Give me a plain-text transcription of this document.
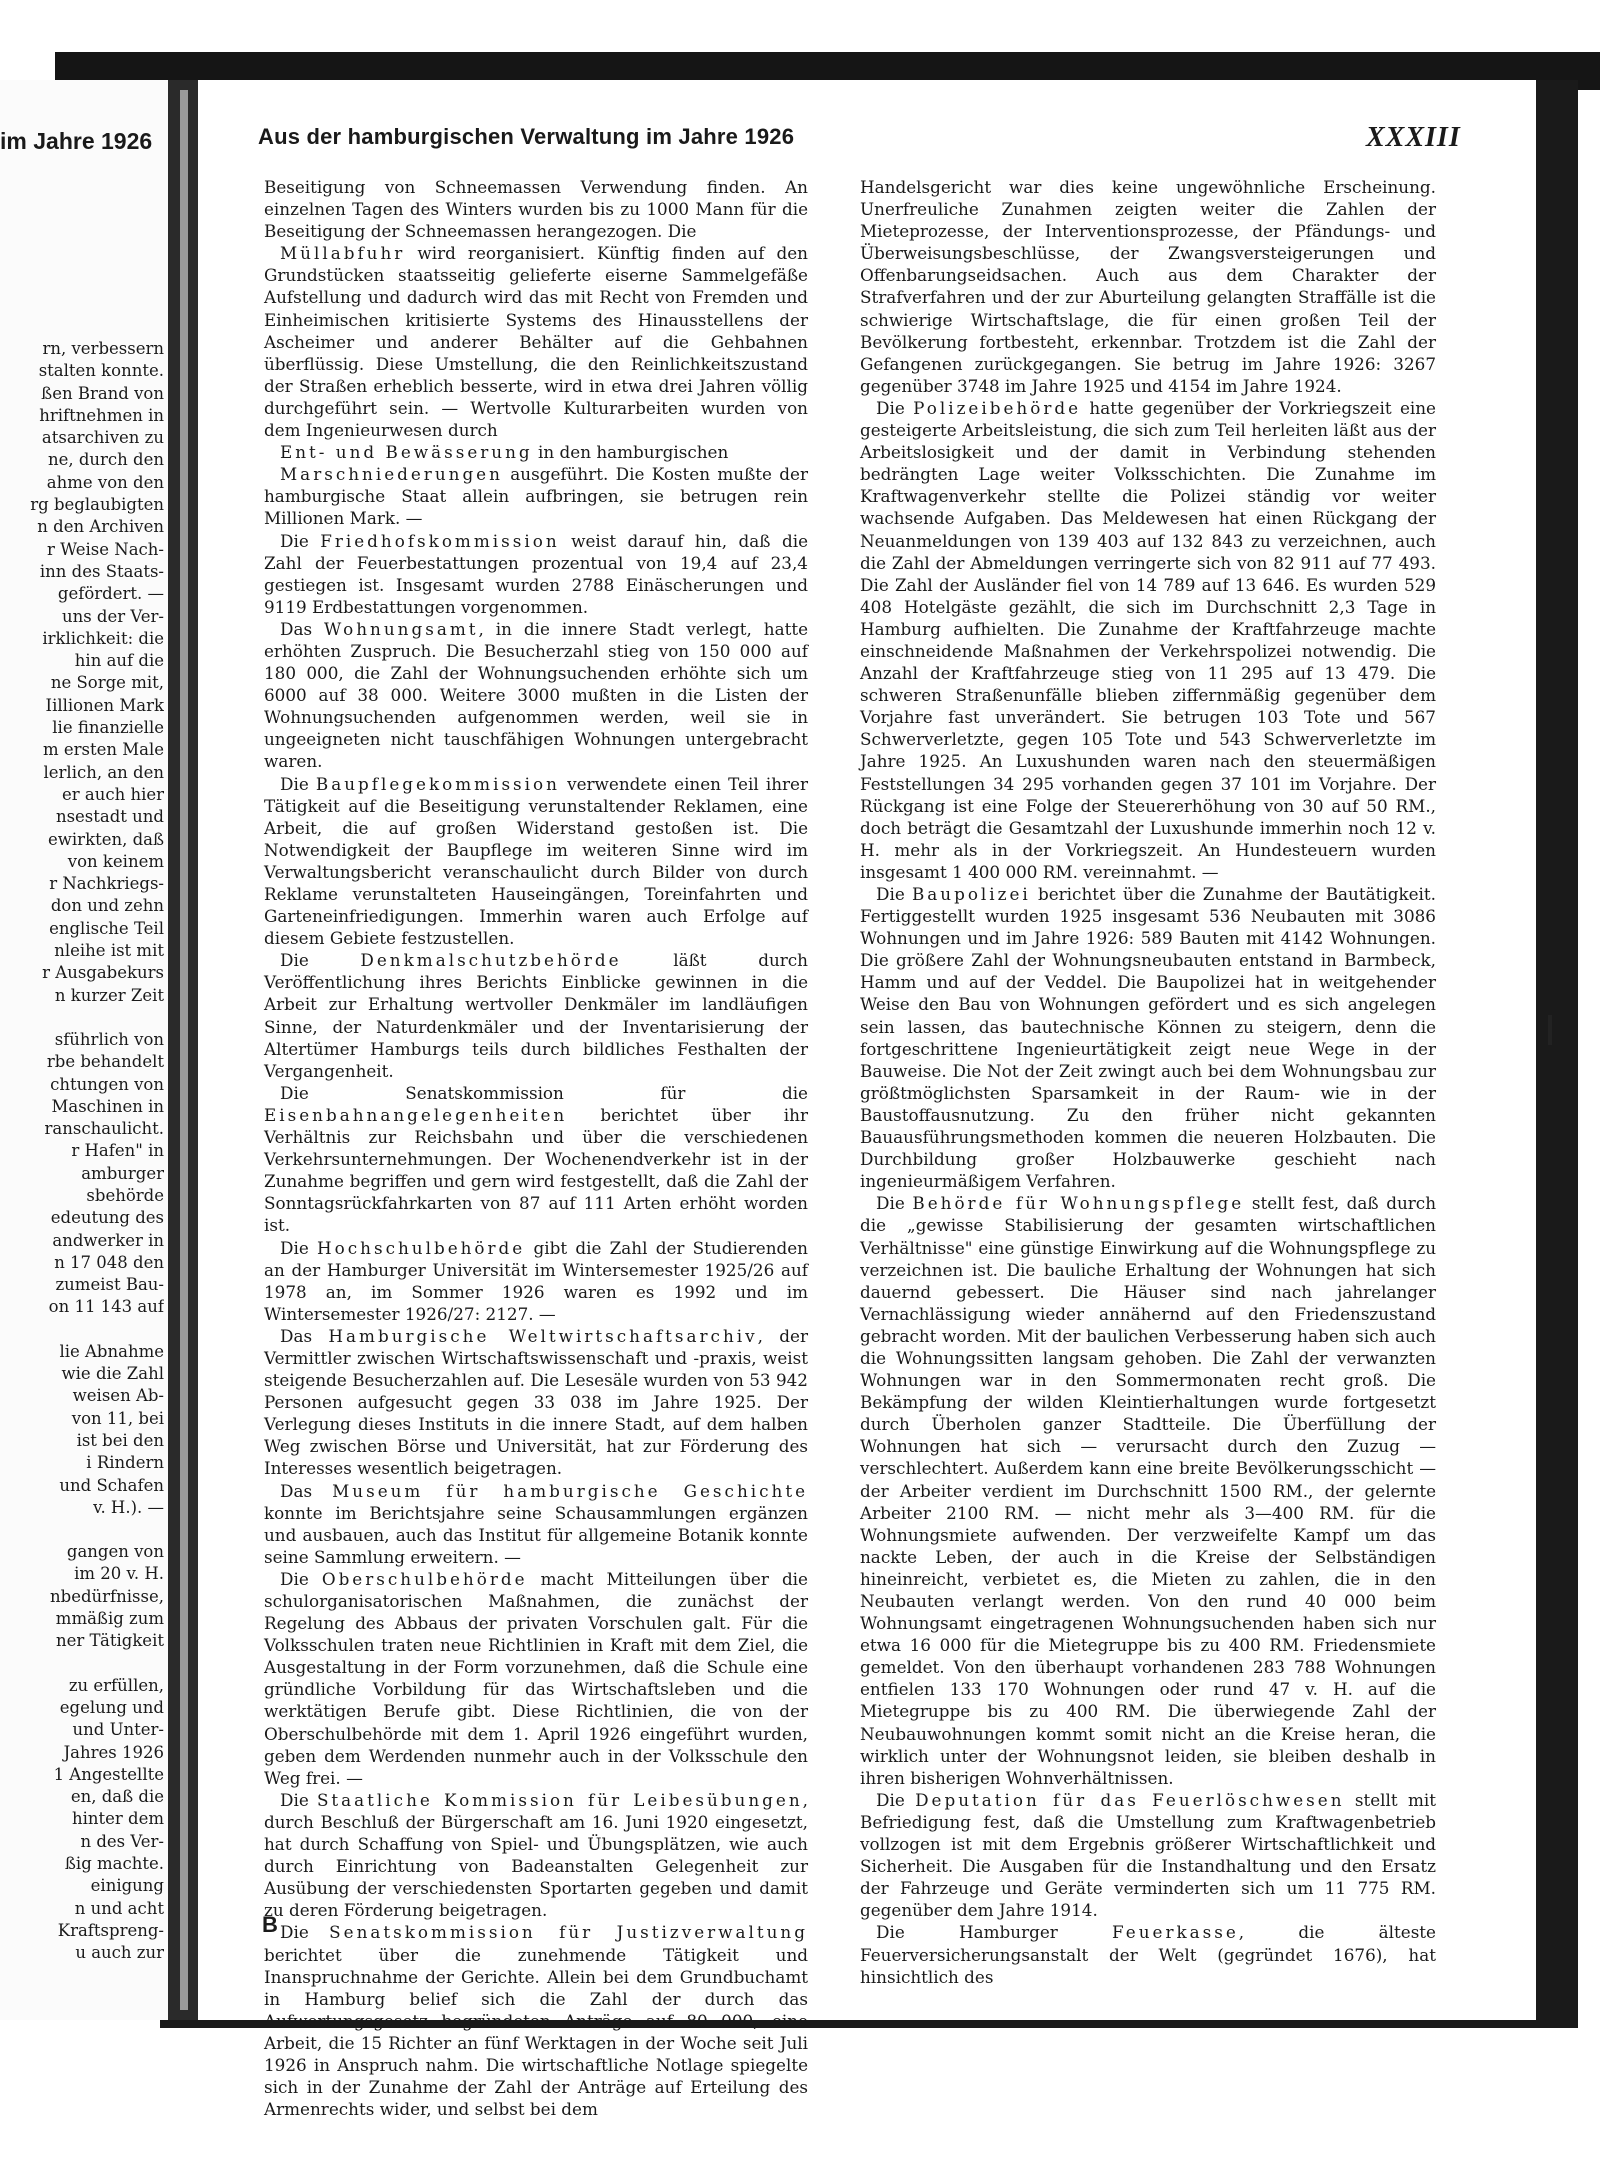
im Jahre 1926
rn, verbessern
stalten konnte.
ßen Brand von
hriftnehmen in
atsarchiven zu
ne, durch den
ahme von den
rg beglaubigten
n den Archiven
r Weise Nach-
inn des Staats-
gefördert. —
uns der Ver-
irklichkeit: die
hin auf die
ne Sorge mit,
Iillionen Mark
lie finanzielle
m ersten Male
lerlich, an den
er auch hier
nsestadt und
ewirkten, daß
von keinem
r Nachkriegs-
don und zehn
englische Teil
nleihe ist mit
r Ausgabekurs
n kurzer Zeit
sführlich von
rbe behandelt
chtungen von
Maschinen in
ranschaulicht.
r Hafen" in
amburger
sbehörde
edeutung des
andwerker in
n 17 048 den
zumeist Bau-
on 11 143 auf
lie Abnahme
wie die Zahl
weisen Ab-
von 11, bei
ist bei den
i Rindern
und Schafen
v. H.). —
gangen von
im 20 v. H.
nbedürfnisse,
mmäßig zum
ner Tätigkeit
zu erfüllen,
egelung und
und Unter-
Jahres 1926
1 Angestellte
en, daß die
hinter dem
n des Ver-
ßig machte.
einigung
n und acht
Kraftspreng-
u auch zur
Aus der hamburgischen Verwaltung im Jahre 1926	XXXIII

Beseitigung von Schneemassen Verwendung finden. An einzelnen Tagen des Winters wurden bis zu 1000 Mann für die Beseitigung der Schneemassen herangezogen. Die

Müllabfuhr wird reorganisiert. Künftig finden auf den Grundstücken staatsseitig gelieferte eiserne Sammelgefäße Aufstellung und dadurch wird das mit Recht von Fremden und Einheimischen kritisierte Systems des Hinausstellens der Ascheimer und anderer Behälter auf die Gehbahnen überflüssig. Diese Umstellung, die den Reinlichkeitszustand der Straßen erheblich besserte, wird in etwa drei Jahren völlig durchgeführt sein. — Wertvolle Kulturarbeiten wurden von dem Ingenieurwesen durch

Ent- und Bewässerung in den hamburgischen

Marschniederungen ausgeführt. Die Kosten mußte der hamburgische Staat allein aufbringen, sie betrugen rein Millionen Mark. —

Die Friedhofskommission weist darauf hin, daß die Zahl der Feuerbestattungen prozentual von 19,4 auf 23,4 gestiegen ist. Insgesamt wurden 2788 Einäscherungen und 9119 Erdbestattungen vorgenommen.

Das Wohnungsamt, in die innere Stadt verlegt, hatte erhöhten Zuspruch. Die Besucherzahl stieg von 150 000 auf 180 000, die Zahl der Wohnungsuchenden erhöhte sich um 6000 auf 38 000. Weitere 3000 mußten in die Listen der Wohnungsuchenden aufgenommen werden, weil sie in ungeeigneten nicht tauschfähigen Wohnungen untergebracht waren.

Die Baupflegekommission verwendete einen Teil ihrer Tätigkeit auf die Beseitigung verunstaltender Reklamen, eine Arbeit, die auf großen Widerstand gestoßen ist. Die Notwendigkeit der Baupflege im weiteren Sinne wird im Verwaltungsbericht veranschaulicht durch Bilder von durch Reklame verunstalteten Hauseingängen, Toreinfahrten und Garteneinfriedigungen. Immerhin waren auch Erfolge auf diesem Gebiete festzustellen.

Die Denkmalschutzbehörde läßt durch Veröffentlichung ihres Berichts Einblicke gewinnen in die Arbeit zur Erhaltung wertvoller Denkmäler im landläufigen Sinne, der Naturdenkmäler und der Inventarisierung der Altertümer Hamburgs teils durch bildliches Festhalten der Vergangenheit.

Die Senatskommission für die Eisenbahnangelegenheiten berichtet über ihr Verhältnis zur Reichsbahn und über die verschiedenen Verkehrsunternehmungen. Der Wochenendverkehr ist in der Zunahme begriffen und gern wird festgestellt, daß die Zahl der Sonntagsrückfahrkarten von 87 auf 111 Arten erhöht worden ist.

Die Hochschulbehörde gibt die Zahl der Studierenden an der Hamburger Universität im Wintersemester 1925/26 auf 1978 an, im Sommer 1926 waren es 1992 und im Wintersemester 1926/27: 2127. —

Das Hamburgische Weltwirtschaftsarchiv, der Vermittler zwischen Wirtschaftswissenschaft und -praxis, weist steigende Besucherzahlen auf. Die Lesesäle wurden von 53 942 Personen aufgesucht gegen 33 038 im Jahre 1925. Der Verlegung dieses Instituts in die innere Stadt, auf dem halben Weg zwischen Börse und Universität, hat zur Förderung des Interesses wesentlich beigetragen.

Das Museum für hamburgische Geschichte konnte im Berichtsjahre seine Schausammlungen ergänzen und ausbauen, auch das Institut für allgemeine Botanik konnte seine Sammlung erweitern. —

Die Oberschulbehörde macht Mitteilungen über die schulorganisatorischen Maßnahmen, die zunächst der Regelung des Abbaus der privaten Vorschulen galt. Für die Volksschulen traten neue Richtlinien in Kraft mit dem Ziel, die Ausgestaltung in der Form vorzunehmen, daß die Schule eine gründliche Vorbildung für das Wirtschaftsleben und die werktätigen Berufe gibt. Diese Richtlinien, die von der Oberschulbehörde mit dem 1. April 1926 eingeführt wurden, geben dem Werdenden nunmehr auch in der Volksschule den Weg frei. —

Die Staatliche Kommission für Leibesübungen, durch Beschluß der Bürgerschaft am 16. Juni 1920 eingesetzt, hat durch Schaffung von Spiel- und Übungsplätzen, wie auch durch Einrichtung von Badeanstalten Gelegenheit zur Ausübung der verschiedensten Sportarten gegeben und damit zu deren Förderung beigetragen.

Die Senatskommission für Justizverwaltung berichtet über die zunehmende Tätigkeit und Inanspruchnahme der Gerichte. Allein bei dem Grundbuchamt in Hamburg belief sich die Zahl der durch das Aufwertungsgesetz begründeten Anträge auf 80 000, eine Arbeit, die 15 Richter an fünf Werktagen in der Woche seit Juli 1926 in Anspruch nahm. Die wirtschaftliche Notlage spiegelte sich in der Zunahme der Zahl der Anträge auf Erteilung des Armenrechts wider, und selbst bei dem

Handelsgericht war dies keine ungewöhnliche Erscheinung. Unerfreuliche Zunahmen zeigten weiter die Zahlen der Mieteprozesse, der Interventionsprozesse, der Pfändungs- und Überweisungsbeschlüsse, der Zwangsversteigerungen und Offenbarungseidsachen. Auch aus dem Charakter der Strafverfahren und der zur Aburteilung gelangten Straffälle ist die schwierige Wirtschaftslage, die für einen großen Teil der Bevölkerung fortbesteht, erkennbar. Trotzdem ist die Zahl der Gefangenen zurückgegangen. Sie betrug im Jahre 1926: 3267 gegenüber 3748 im Jahre 1925 und 4154 im Jahre 1924.

Die Polizeibehörde hatte gegenüber der Vorkriegszeit eine gesteigerte Arbeitsleistung, die sich zum Teil herleiten läßt aus der Arbeitslosigkeit und der damit in Verbindung stehenden bedrängten Lage weiter Volksschichten. Die Zunahme im Kraftwagenverkehr stellte die Polizei ständig vor weiter wachsende Aufgaben. Das Meldewesen hat einen Rückgang der Neuanmeldungen von 139 403 auf 132 843 zu verzeichnen, auch die Zahl der Abmeldungen verringerte sich von 82 911 auf 77 493. Die Zahl der Ausländer fiel von 14 789 auf 13 646. Es wurden 529 408 Hotelgäste gezählt, die sich im Durchschnitt 2,3 Tage in Hamburg aufhielten. Die Zunahme der Kraftfahrzeuge machte einschneidende Maßnahmen der Verkehrspolizei notwendig. Die Anzahl der Kraftfahrzeuge stieg von 11 295 auf 13 479. Die schweren Straßenunfälle blieben ziffernmäßig gegenüber dem Vorjahre fast unverändert. Sie betrugen 103 Tote und 567 Schwerverletzte, gegen 105 Tote und 543 Schwerverletzte im Jahre 1925. An Luxushunden waren nach den steuermäßigen Feststellungen 34 295 vorhanden gegen 37 101 im Vorjahre. Der Rückgang ist eine Folge der Steuererhöhung von 30 auf 50 RM., doch beträgt die Gesamtzahl der Luxushunde immerhin noch 12 v. H. mehr als in der Vorkriegszeit. An Hundesteuern wurden insgesamt 1 400 000 RM. vereinnahmt. —

Die Baupolizei berichtet über die Zunahme der Bautätigkeit. Fertiggestellt wurden 1925 insgesamt 536 Neubauten mit 3086 Wohnungen und im Jahre 1926: 589 Bauten mit 4142 Wohnungen. Die größere Zahl der Wohnungsneubauten entstand in Barmbeck, Hamm und auf der Veddel. Die Baupolizei hat in weitgehender Weise den Bau von Wohnungen gefördert und es sich angelegen sein lassen, das bautechnische Können zu steigern, denn die fortgeschrittene Ingenieurtätigkeit zeigt neue Wege in der Bauweise. Die Not der Zeit zwingt auch bei dem Wohnungsbau zur größtmöglichsten Sparsamkeit in der Raum- wie in der Baustoffausnutzung. Zu den früher nicht gekannten Bauausführungsmethoden kommen die neueren Holzbauten. Die Durchbildung großer Holzbauwerke geschieht nach ingenieurmäßigem Verfahren.

Die Behörde für Wohnungspflege stellt fest, daß durch die „gewisse Stabilisierung der gesamten wirtschaftlichen Verhältnisse" eine günstige Einwirkung auf die Wohnungspflege zu verzeichnen ist. Die bauliche Erhaltung der Wohnungen hat sich dauernd gebessert. Die Häuser sind nach jahrelanger Vernachlässigung wieder annähernd auf den Friedenszustand gebracht worden. Mit der baulichen Verbesserung haben sich auch die Wohnungssitten langsam gehoben. Die Zahl der verwanzten Wohnungen war in den Sommermonaten recht groß. Die Bekämpfung der wilden Kleintierhaltungen wurde fortgesetzt durch Überholen ganzer Stadtteile. Die Überfüllung der Wohnungen hat sich — verursacht durch den Zuzug — verschlechtert. Außerdem kann eine breite Bevölkerungsschicht — der Arbeiter verdient im Durchschnitt 1500 RM., der gelernte Arbeiter 2100 RM. — nicht mehr als 3—400 RM. für die Wohnungsmiete aufwenden. Der verzweifelte Kampf um das nackte Leben, der auch in die Kreise der Selbständigen hineinreicht, verbietet es, die Mieten zu zahlen, die in den Neubauten verlangt werden. Von den rund 40 000 beim Wohnungsamt eingetragenen Wohnungsuchenden haben sich nur etwa 16 000 für die Mietegruppe bis zu 400 RM. Friedensmiete gemeldet. Von den überhaupt vorhandenen 283 788 Wohnungen entfielen 133 170 Wohnungen oder rund 47 v. H. auf die Mietegruppe bis zu 400 RM. Die überwiegende Zahl der Neubauwohnungen kommt somit nicht an die Kreise heran, die wirklich unter der Wohnungsnot leiden, sie bleiben deshalb in ihren bisherigen Wohnverhältnissen.

Die Deputation für das Feuerlöschwesen stellt mit Befriedigung fest, daß die Umstellung zum Kraftwagenbetrieb vollzogen ist mit dem Ergebnis größerer Wirtschaftlichkeit und Sicherheit. Die Ausgaben für die Instandhaltung und den Ersatz der Fahrzeuge und Geräte verminderten sich um 11 775 RM. gegenüber dem Jahre 1914.

Die Hamburger Feuerkasse, die älteste Feuerversicherungsanstalt der Welt (gegründet 1676), hat hinsichtlich des

B
